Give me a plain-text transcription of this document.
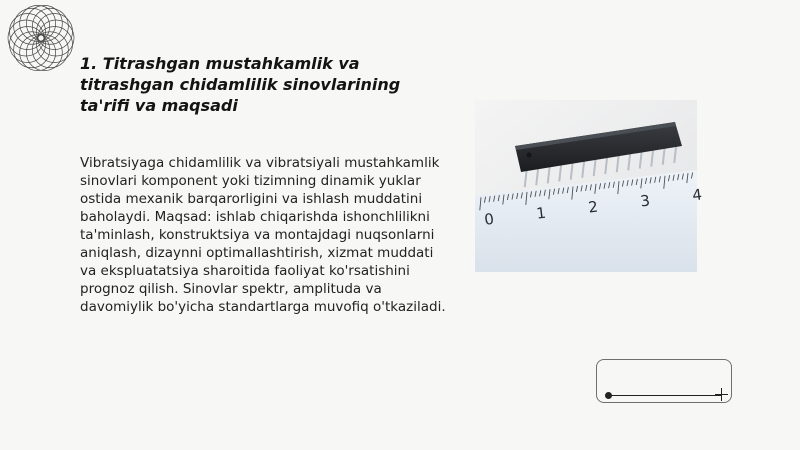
1. Titrashgan mustahkamlik va titrashgan chidamlilik sinovlarining ta'rifi va maqsadi

Vibratsiyaga chidamlilik va vibratsiyali mustahkamlik sinovlari komponent yoki tizimning dinamik yuklar ostida mexanik barqarorligini va ishlash muddatini baholaydi. Maqsad: ishlab chiqarishda ishonchlilikni ta'minlash, konstruktsiya va montajdagi nuqsonlarni aniqlash, dizaynni optimallashtirish, xizmat muddati va ekspluatatsiya sharoitida faoliyat ko'rsatishini prognoz qilish. Sinovlar spektr, amplituda va davomiylik bo'yicha standartlarga muvofiq o'tkaziladi.

0	1	2	3	4
